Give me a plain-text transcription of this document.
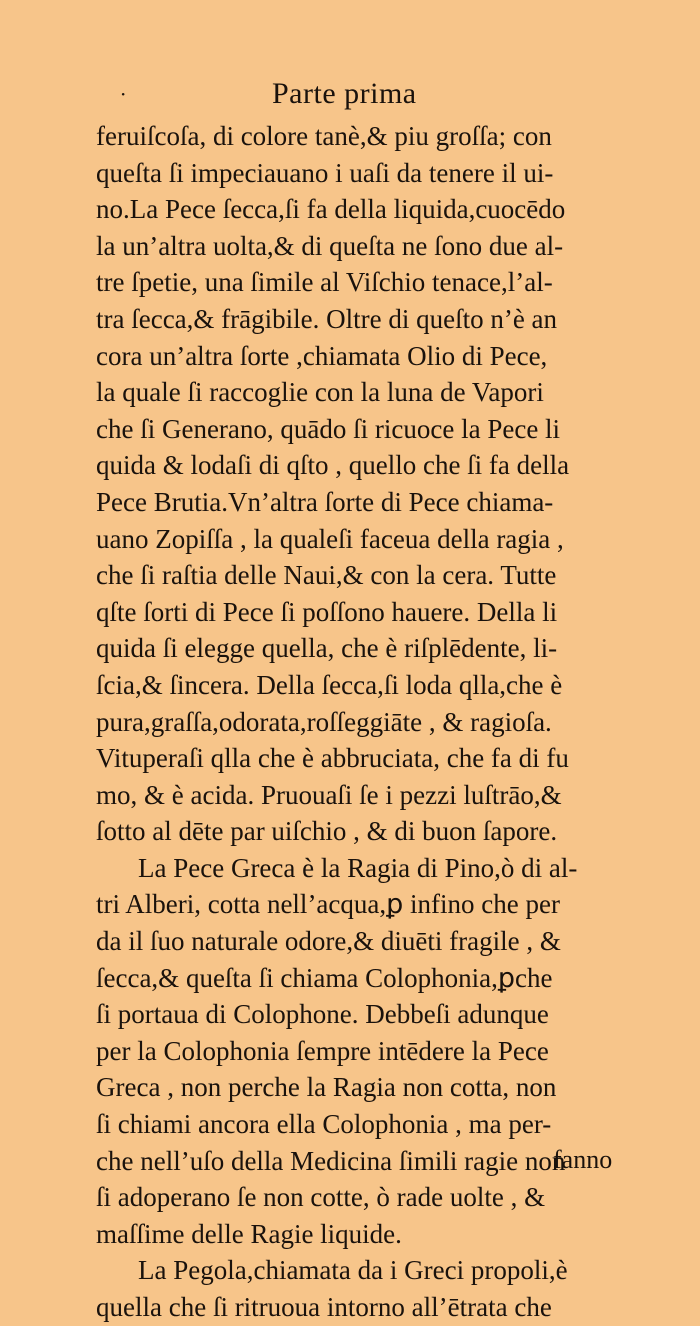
·	Parte prima
feruiſcoſa, di colore tanè,& piu groſſa; con
queſta ſi impeciauano i uaſi da tenere il ui-
no.La Pece ſecca,ſi fa della liquida,cuocēdo
la un’altra uolta,& di queſta ne ſono due al-
tre ſpetie, una ſimile al Viſchio tenace,l’al-
tra ſecca,& frāgibile. Oltre di queſto n’è an
cora un’altra ſorte ,chiamata Olio di Pece,
la quale ſi raccoglie con la luna de Vapori
che ſi Generano, quādo ſi ricuoce la Pece li
quida & lodaſi di qſto , quello che ſi fa della
Pece Brutia.Vn’altra ſorte di Pece chiama-
uano Zopiſſa , la qualeſi faceua della ragia ,
che ſi raſtia delle Naui,& con la cera. Tutte
qſte ſorti di Pece ſi poſſono hauere. Della li
quida ſi elegge quella, che è riſplēdente, li-
ſcia,& ſincera. Della ſecca,ſi loda qlla,che è
pura,graſſa,odorata,roſſeggiāte , & ragioſa.
Vituperaſi qlla che è abbruciata, che fa di fu
mo, & è acida. Pruouaſi ſe i pezzi luſtrāo,&
ſotto al dēte par uiſchio , & di buon ſapore.
La Pece Greca è la Ragia di Pino,ò di al-
tri Alberi, cotta nell’acqua,ꝑ infino che per
da il ſuo naturale odore,& diuēti fragile , &
ſecca,& queſta ſi chiama Colophonia,ꝑche
ſi portaua di Colophone. Debbeſi adunque
per la Colophonia ſempre intēdere la Pece
Greca , non perche la Ragia non cotta, non
ſi chiami ancora ella Colophonia , ma per-
che nell’uſo della Medicina ſimili ragie non
ſi adoperano ſe non cotte, ò rade uolte , &
maſſime delle Ragie liquide.
La Pegola,chiamata da i Greci propoli,è
quella che ſi ritruoua intorno all’ētrata che
fanno
